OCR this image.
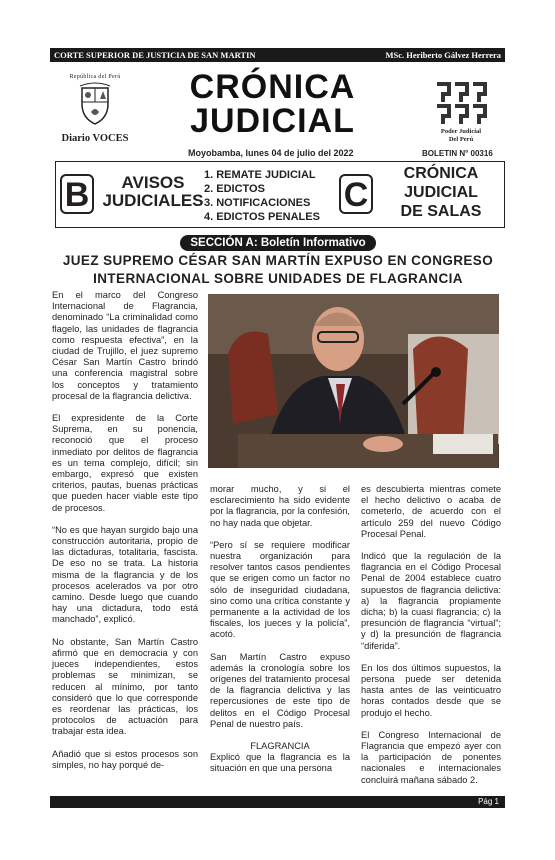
CORTE SUPERIOR DE JUSTICIA DE SAN MARTIN	MSc. Heriberto Gálvez Herrera
República del Perú
Diario VOCES
CRÓNICA
JUDICIAL
Moyobamba, lunes 04 de julio del 2022
Poder Judicial
Del Perú
BOLETIN N° 00316
B	AVISOS
JUDICIALES
1. REMATE JUDICIAL
2. EDICTOS
3. NOTIFICACIONES
4. EDICTOS PENALES
C
CRÓNICA
JUDICIAL
DE SALAS
SECCIÓN A: Boletín Informativo
JUEZ SUPREMO CÉSAR SAN MARTÍN EXPUSO EN CONGRESO INTERNACIONAL SOBRE UNIDADES DE FLAGRANCIA

En el marco del Congreso Internacional de Flagrancia, denominado “La criminalidad como flagelo, las unidades de flagrancia como respuesta efectiva”, en la ciudad de Trujillo, el juez supremo César San Martín Castro brindó una conferencia magistral sobre los conceptos y tratamiento procesal de la flagrancia delictiva.

El expresidente de la Corte Suprema, en su ponencia, reconoció que el proceso inmediato por delitos de flagrancia es un tema complejo, difícil; sin embargo, expresó que existen criterios, pautas, buenas prácticas que pueden hacer viable este tipo de procesos.

“No es que hayan surgido bajo una construcción autoritaria, propio de las dictaduras, totalitaria, fascista. De eso no se trata. La historia misma de la flagrancia y de los procesos acelerados va por otro camino. Desde luego que cuando hay una dictadura, todo está manchado”, explicó.

No obstante, San Martín Castro afirmó que en democracia y con jueces independientes, estos problemas se minimizan, se reducen al mínimo, por tanto consideró que lo que corresponde es reordenar las prácticas, los protocolos de actuación para trabajar esta idea.

Añadió que si estos procesos son simples, no hay porqué de-

morar mucho, y si el esclarecimiento ha sido evidente por la flagrancia, por la confesión, no hay nada que objetar.

“Pero sí se requiere modificar nuestra organización para resolver tantos casos pendientes que se erigen como un factor no sólo de inseguridad ciudadana, sino como una crítica constante y permanente a la actividad de los fiscales, los jueces y la policía”, acotó.

San Martín Castro expuso además la cronología sobre los orígenes del tratamiento procesal de la flagrancia delictiva y las repercusiones de este tipo de delitos en el Código Procesal Penal de nuestro país.

FLAGRANCIA

Explicó que la flagrancia es la situación en que una persona

es descubierta mientras comete el hecho delictivo o acaba de cometerlo, de acuerdo con el artículo 259 del nuevo Código Procesal Penal.

Indicó que la regulación de la flagrancia en el Código Procesal Penal de 2004 establece cuatro supuestos de flagrancia delictiva: a) la flagrancia propiamente dicha; b) la cuasi flagrancia; c) la presunción de flagrancia “virtual”; y d) la presunción de flagrancia “diferida”.

En los dos últimos supuestos, la persona puede ser detenida hasta antes de las veinticuatro horas contados desde que se produjo el hecho.

El Congreso Internacional de Flagrancia que empezó ayer con la participación de ponentes nacionales e internacionales concluirá mañana sábado 2.

Pág 1
